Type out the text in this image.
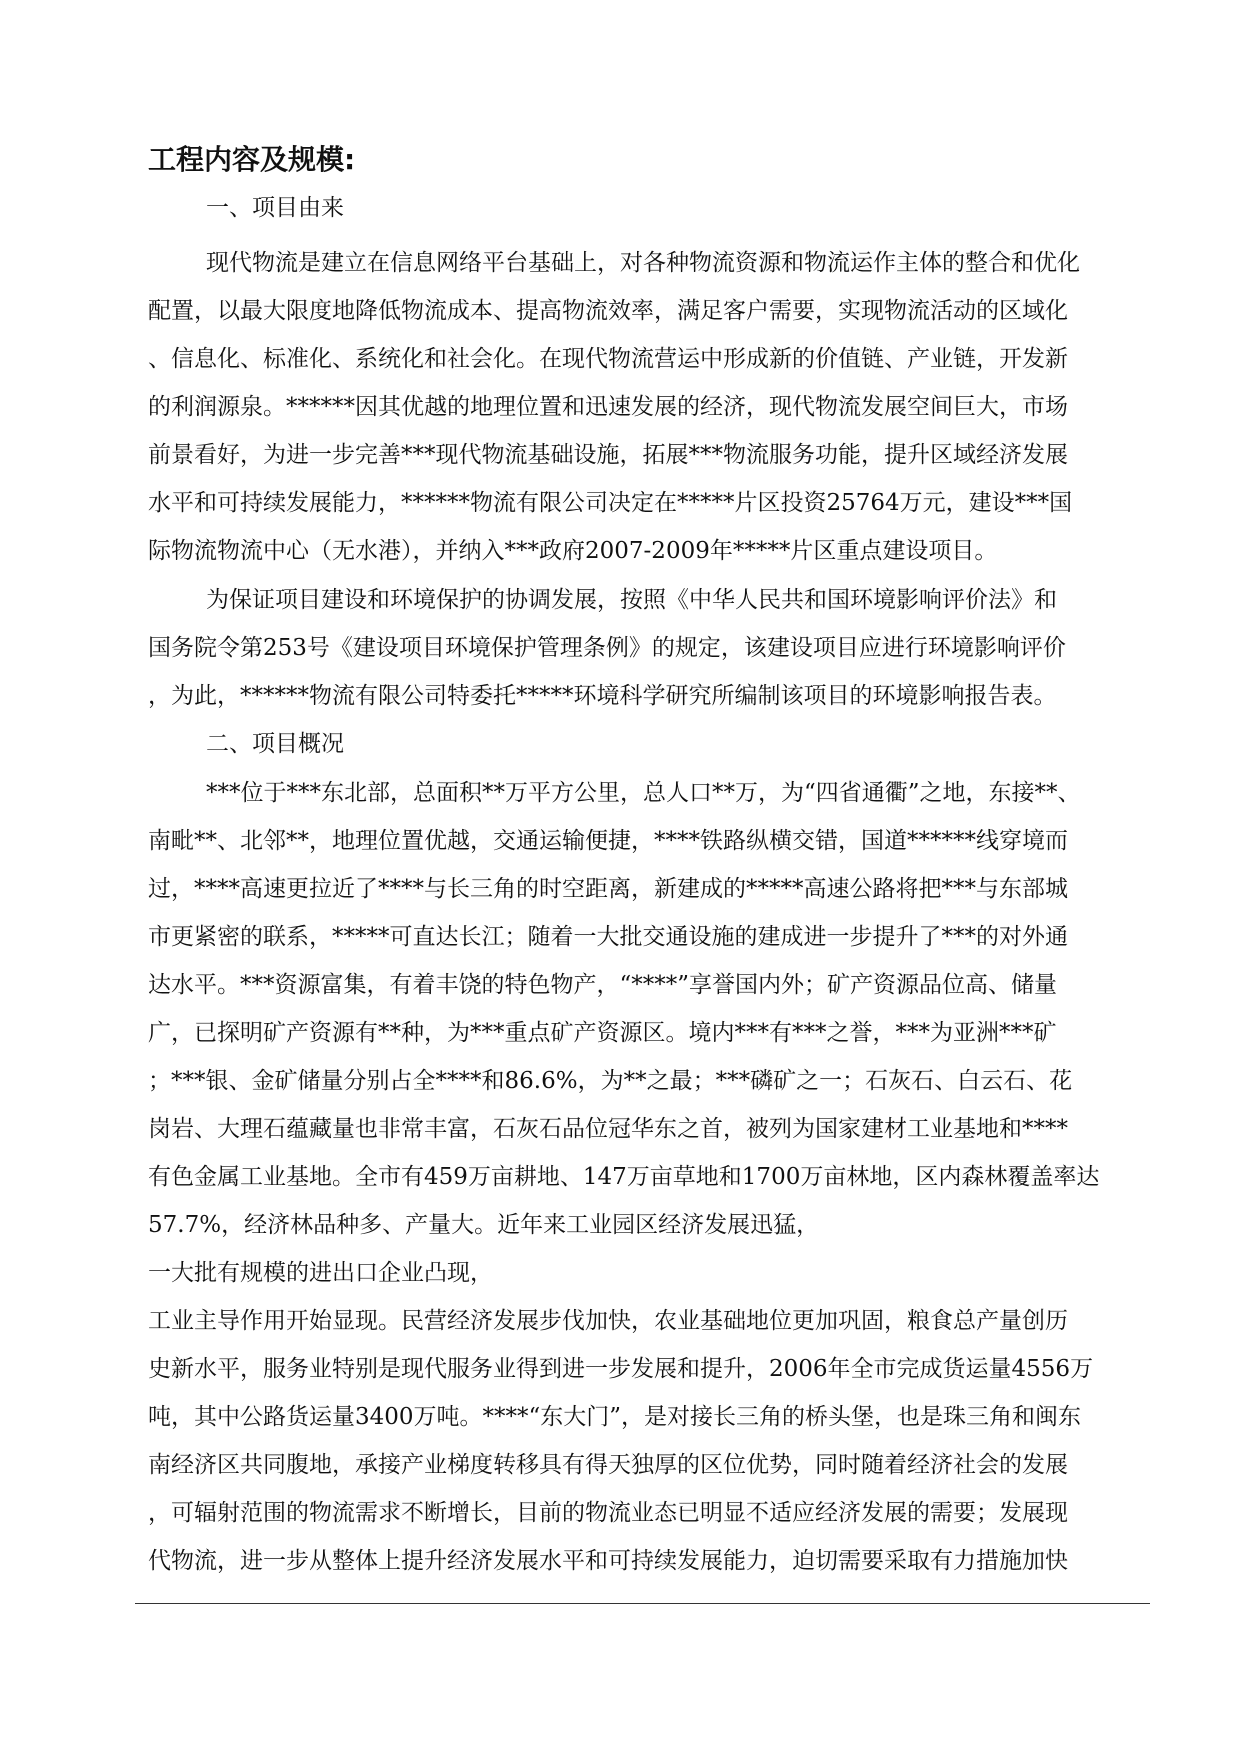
工程内容及规模:

一、项目由来

现代物流是建立在信息网络平台基础上，对各种物流资源和物流运作主体的整合和优化

配置，以最大限度地降低物流成本、提高物流效率，满足客户需要，实现物流活动的区域化

、信息化、标准化、系统化和社会化。在现代物流营运中形成新的价值链、产业链，开发新

的利润源泉。******因其优越的地理位置和迅速发展的经济，现代物流发展空间巨大，市场

前景看好，为进一步完善***现代物流基础设施，拓展***物流服务功能，提升区域经济发展

水平和可持续发展能力，******物流有限公司决定在*****片区投资25764万元，建设***国

际物流物流中心（无水港），并纳入***政府2007-2009年*****片区重点建设项目。

为保证项目建设和环境保护的协调发展，按照《中华人民共和国环境影响评价法》和

国务院令第253号《建设项目环境保护管理条例》的规定，该建设项目应进行环境影响评价

，为此，******物流有限公司特委托*****环境科学研究所编制该项目的环境影响报告表。

二、项目概况

***位于***东北部，总面积**万平方公里，总人口**万，为“四省通衢”之地，东接**、

南毗**、北邻**，地理位置优越，交通运输便捷，****铁路纵横交错，国道******线穿境而

过，****高速更拉近了****与长三角的时空距离，新建成的*****高速公路将把***与东部城

市更紧密的联系，*****可直达长江；随着一大批交通设施的建成进一步提升了***的对外通

达水平。***资源富集，有着丰饶的特色物产，“****”享誉国内外；矿产资源品位高、储量

广，已探明矿产资源有**种，为***重点矿产资源区。境内***有***之誉，***为亚洲***矿

；***银、金矿储量分别占全****和86.6%，为**之最；***磷矿之一；石灰石、白云石、花

岗岩、大理石蕴藏量也非常丰富，石灰石品位冠华东之首，被列为国家建材工业基地和****

有色金属工业基地。全市有459万亩耕地、147万亩草地和1700万亩林地，区内森林覆盖率达

57.7%，经济林品种多、产量大。近年来工业园区经济发展迅猛，

一大批有规模的进出口企业凸现，

工业主导作用开始显现。民营经济发展步伐加快，农业基础地位更加巩固，粮食总产量创历

史新水平，服务业特别是现代服务业得到进一步发展和提升，2006年全市完成货运量4556万

吨，其中公路货运量3400万吨。****“东大门”，是对接长三角的桥头堡，也是珠三角和闽东

南经济区共同腹地，承接产业梯度转移具有得天独厚的区位优势，同时随着经济社会的发展

，可辐射范围的物流需求不断增长，目前的物流业态已明显不适应经济发展的需要；发展现

代物流，进一步从整体上提升经济发展水平和可持续发展能力，迫切需要采取有力措施加快
